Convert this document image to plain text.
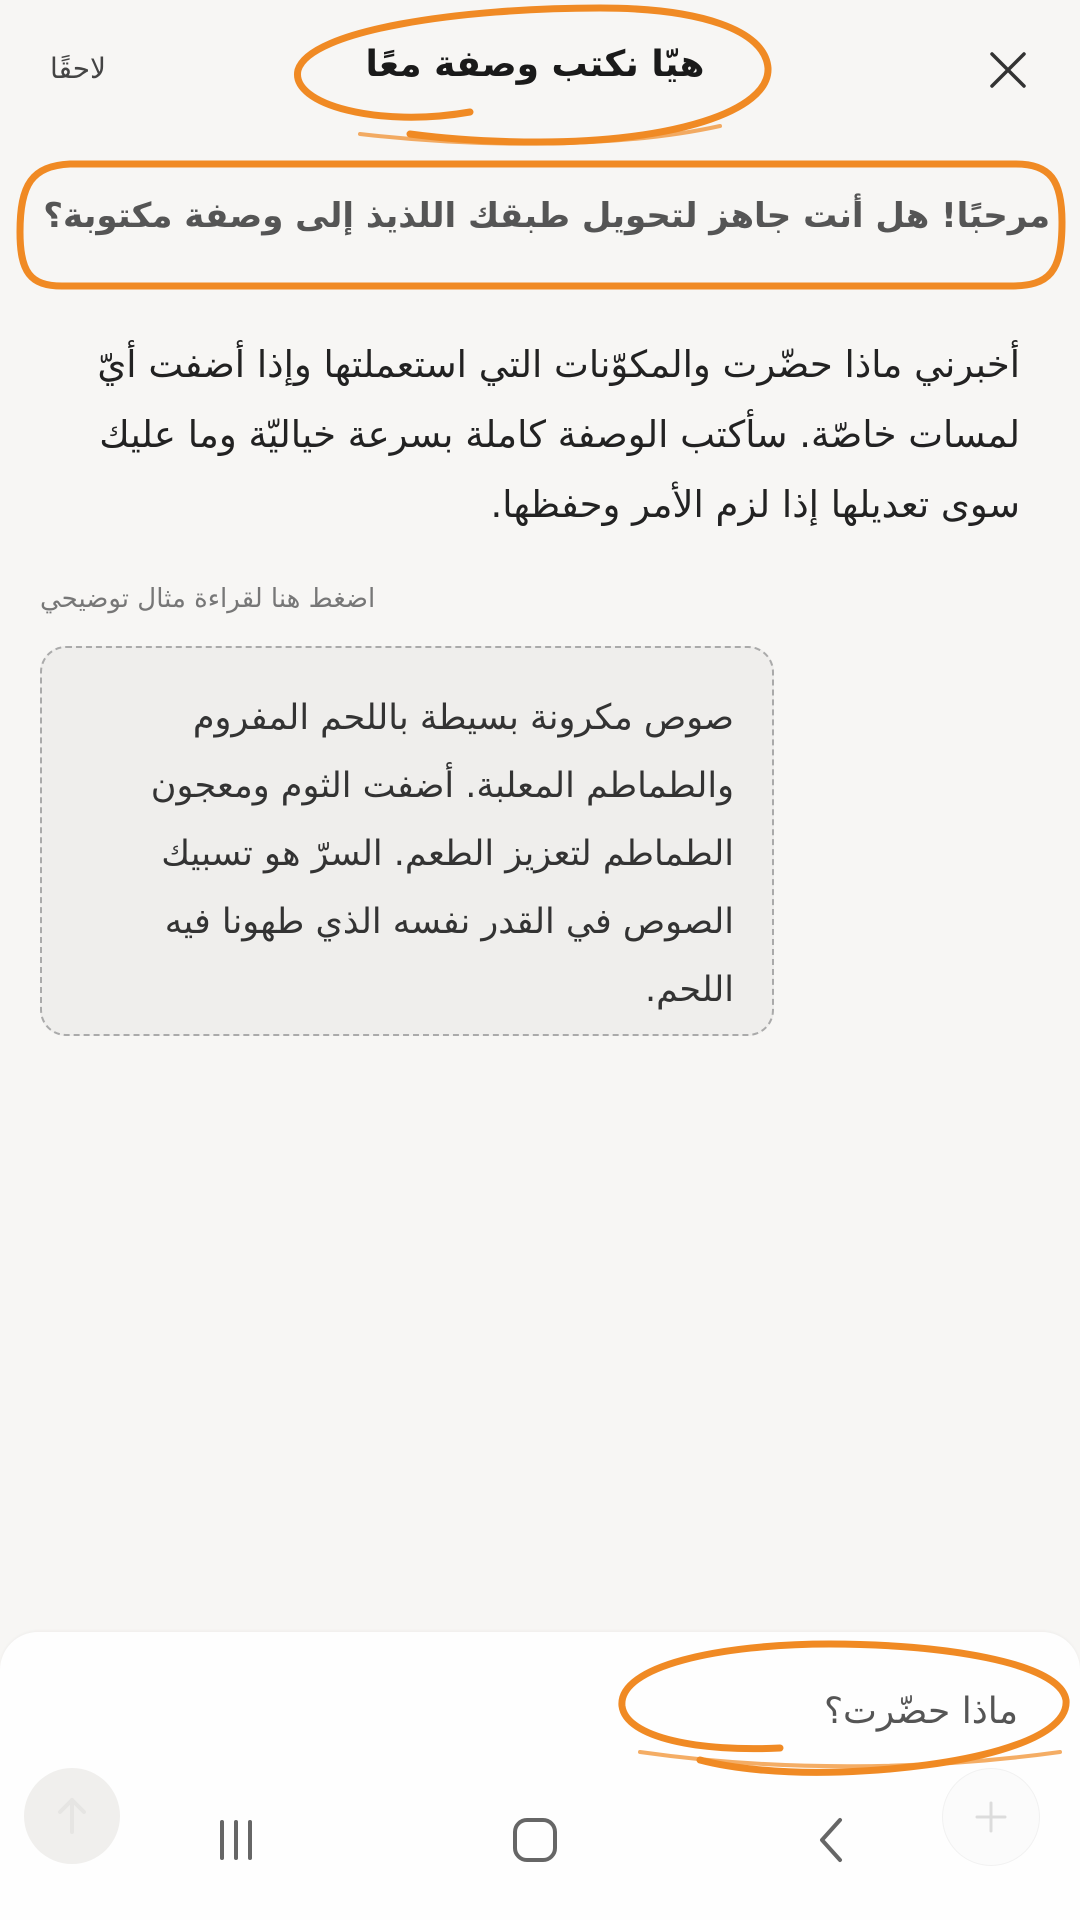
لاحقًا	هيّا نكتب وصفة معًا
مرحبًا! هل أنت جاهز لتحويل طبقك اللذيذ إلى وصفة مكتوبة؟
أخبرني ماذا حضّرت والمكوّنات التي استعملتها وإذا أضفت أيّ لمسات خاصّة. سأكتب الوصفة كاملة بسرعة خياليّة وما عليك سوى تعديلها إذا لزم الأمر وحفظها.
اضغط هنا لقراءة مثال توضيحي
صوص مكرونة بسيطة باللحم المفروم والطماطم المعلبة. أضفت الثوم ومعجون الطماطم لتعزيز الطعم. السرّ هو تسبيك الصوص في القدر نفسه الذي طهونا فيه اللحم.
ماذا حضّرت؟
